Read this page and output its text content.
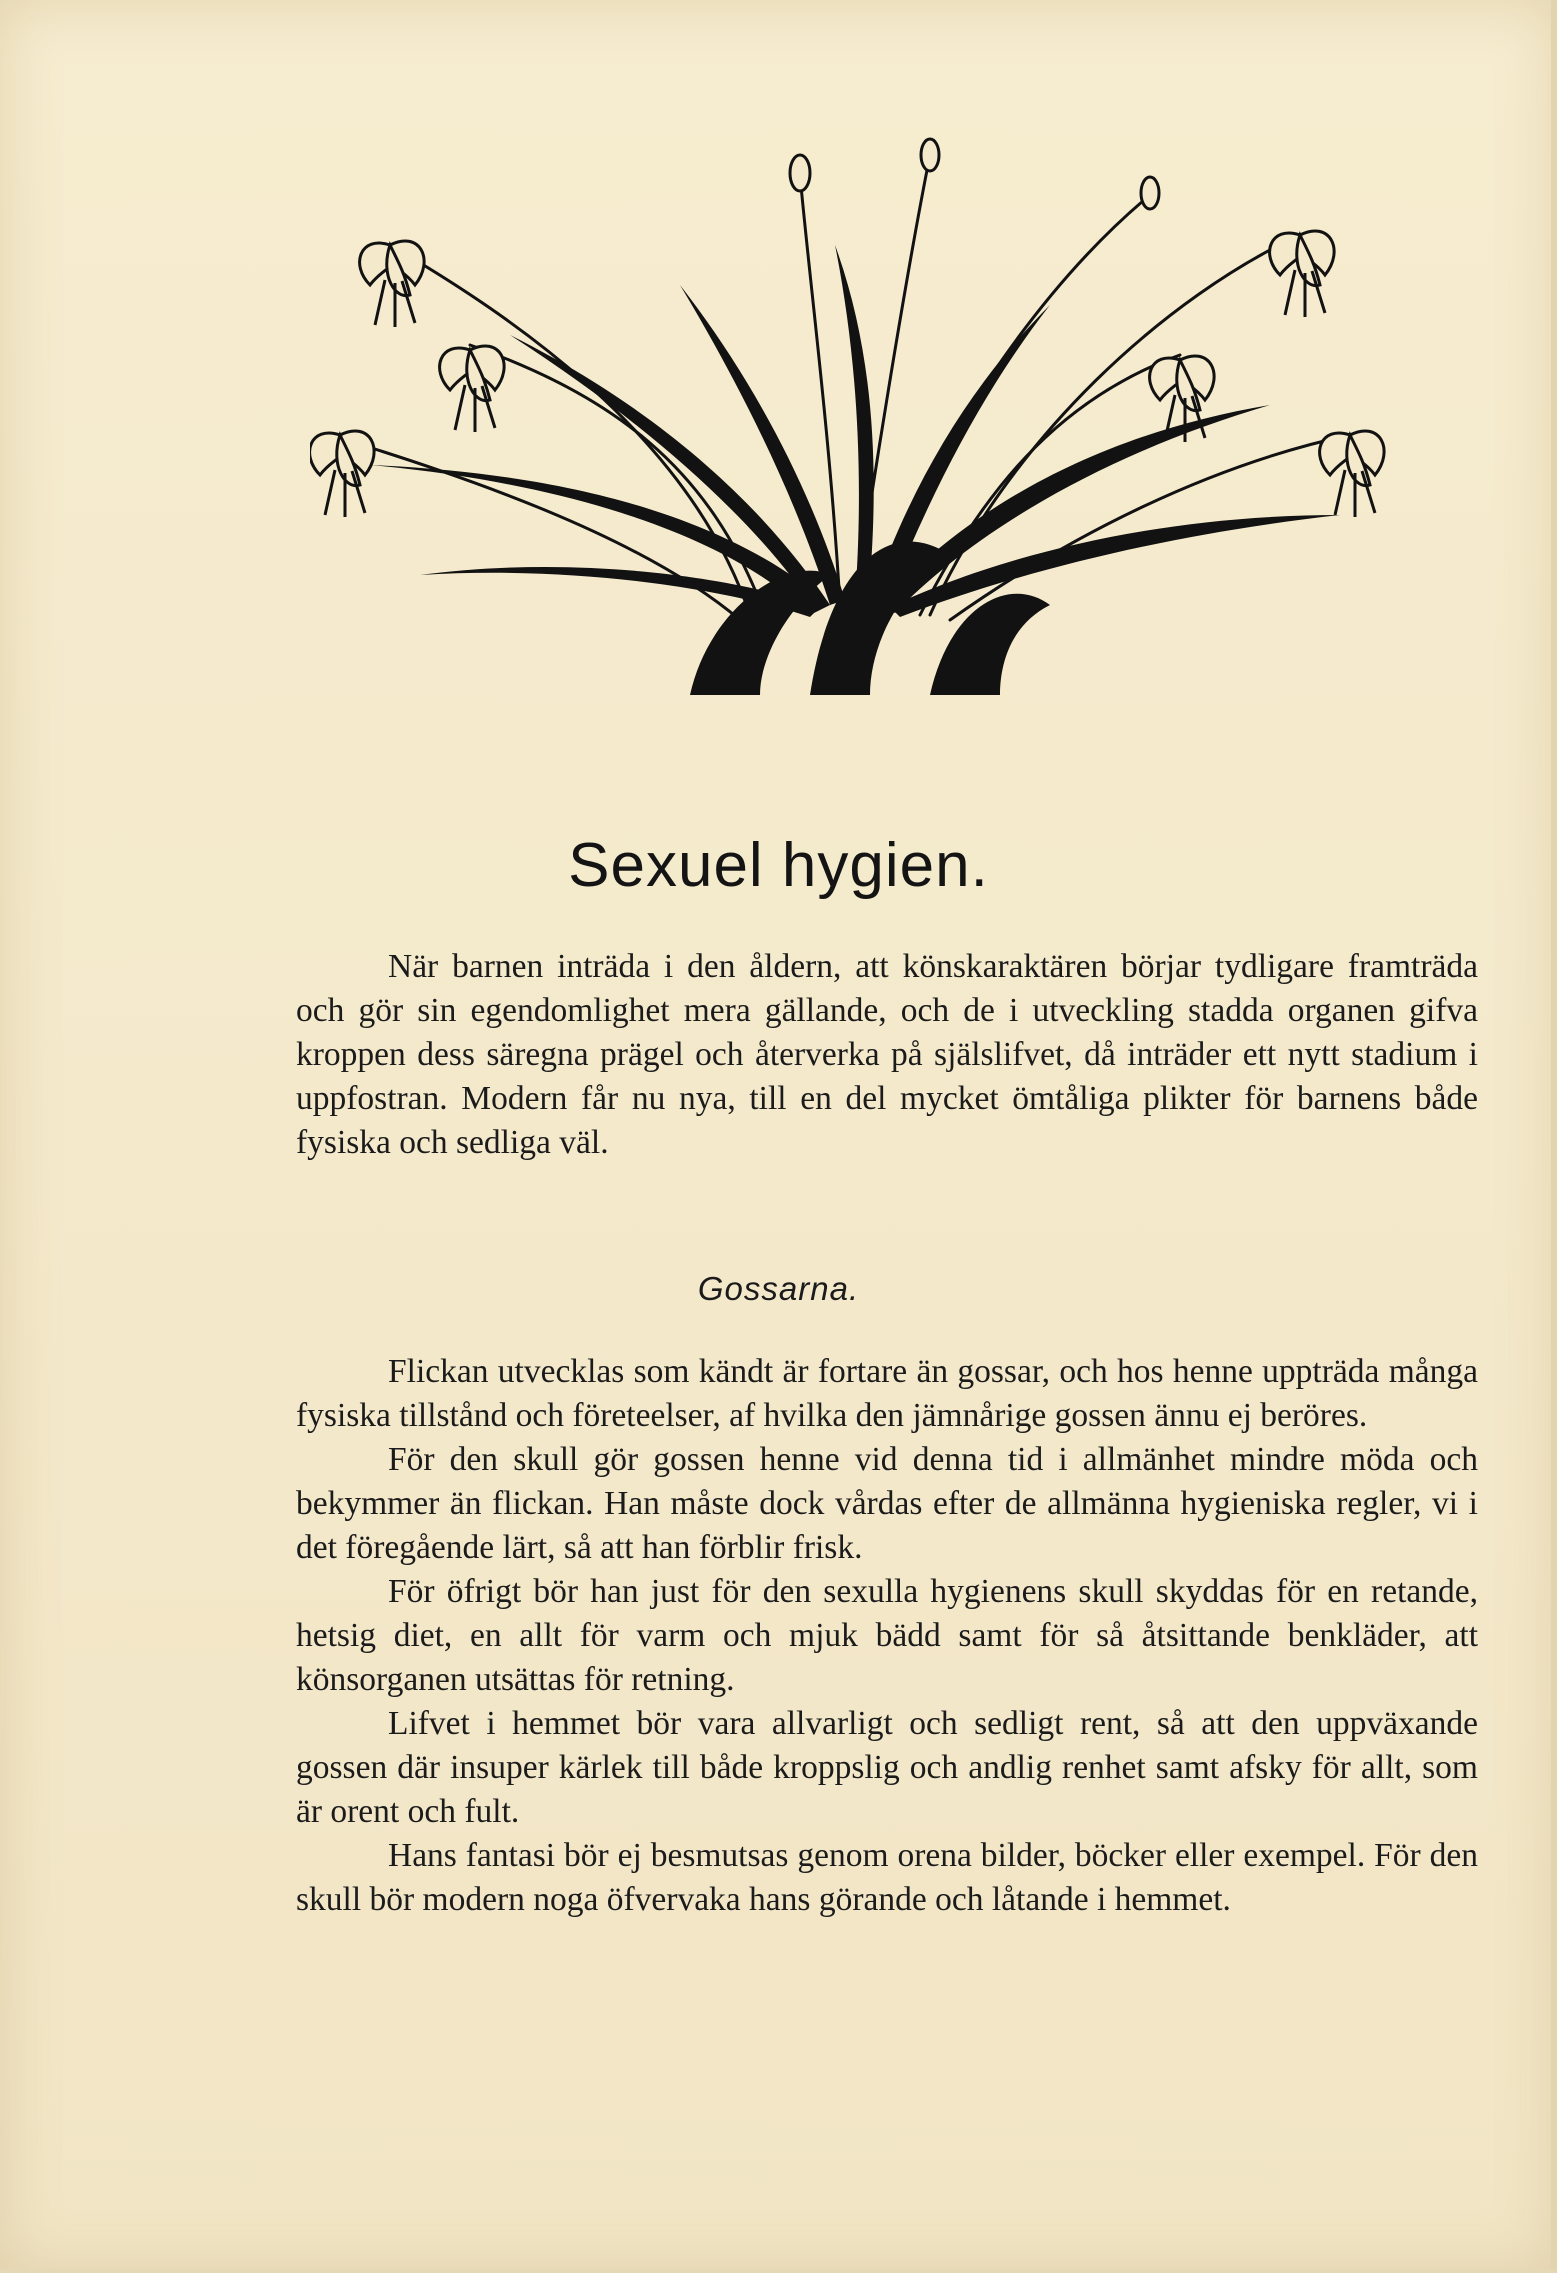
Sexuel hygien.

När barnen inträda i den åldern, att könskaraktären börjar tydligare framträda och gör sin egendomlighet mera gällande, och de i utveckling stadda organen gifva kroppen dess säregna prägel och återverka på själslifvet, då inträder ett nytt stadium i uppfostran. Modern får nu nya, till en del mycket ömtåliga plikter för barnens både fysiska och sedliga väl.

Gossarna.

Flickan utvecklas som kändt är fortare än gossar, och hos henne uppträda många fysiska tillstånd och företeelser, af hvilka den jämnårige gossen ännu ej beröres.

För den skull gör gossen henne vid denna tid i allmänhet mindre möda och bekymmer än flickan. Han måste dock vårdas efter de allmänna hygieniska regler, vi i det föregående lärt, så att han förblir frisk.

För öfrigt bör han just för den sexulla hygienens skull skyddas för en retande, hetsig diet, en allt för varm och mjuk bädd samt för så åtsittande benkläder, att könsorganen utsättas för retning.

Lifvet i hemmet bör vara allvarligt och sedligt rent, så att den uppväxande gossen där insuper kärlek till både kroppslig och andlig renhet samt afsky för allt, som är orent och fult.

Hans fantasi bör ej besmutsas genom orena bilder, böcker eller exempel. För den skull bör modern noga öfvervaka hans görande och låtande i hemmet.
